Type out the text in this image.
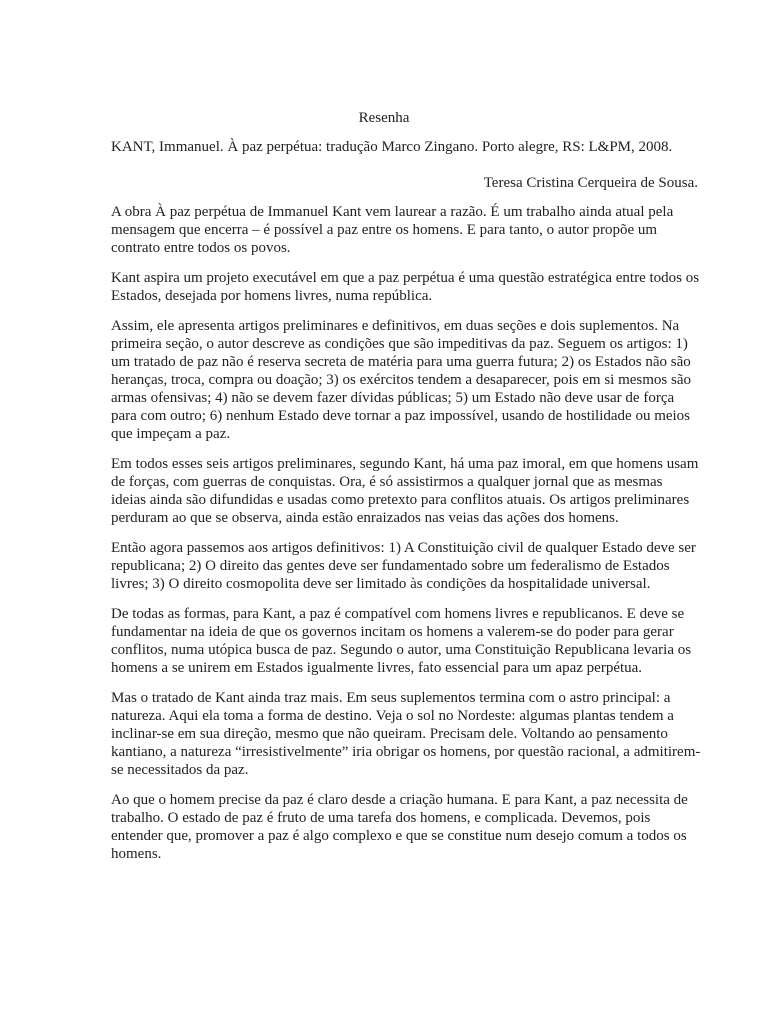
Resenha

KANT, Immanuel. À paz perpétua: tradução Marco Zingano. Porto alegre, RS: L&PM, 2008.

Teresa Cristina Cerqueira de Sousa.

A obra À paz perpétua de Immanuel Kant vem laurear a razão. É um trabalho ainda atual pela mensagem que encerra – é possível a paz entre os homens. E para tanto, o autor propõe um contrato entre todos os povos.

Kant aspira um projeto executável em que a paz perpétua é uma questão estratégica entre todos os Estados, desejada por homens livres, numa república.

Assim, ele apresenta artigos preliminares e definitivos, em duas seções e dois suplementos. Na primeira seção, o autor descreve as condições que são impeditivas da paz. Seguem os artigos: 1) um tratado de paz não é reserva secreta de matéria para uma guerra futura; 2) os Estados não são heranças, troca, compra ou doação; 3) os exércitos tendem a desaparecer, pois em si mesmos são armas ofensivas; 4) não se devem fazer dívidas públicas; 5) um Estado não deve usar de força para com outro; 6) nenhum Estado deve tornar a paz impossível, usando de hostilidade ou meios que impeçam a paz.

Em todos esses seis artigos preliminares, segundo Kant, há uma paz imoral, em que homens usam de forças, com guerras de conquistas. Ora, é só assistirmos a qualquer jornal que as mesmas ideias ainda são difundidas e usadas como pretexto para conflitos atuais. Os artigos preliminares perduram ao que se observa, ainda estão enraizados nas veias das ações dos homens.

Então agora passemos aos artigos definitivos: 1) A Constituição civil de qualquer Estado deve ser republicana; 2) O direito das gentes deve ser fundamentado sobre um federalismo de Estados livres; 3) O direito cosmopolita deve ser limitado às condições da hospitalidade universal.

De todas as formas, para Kant, a paz é compatível com homens livres e republicanos. E deve se fundamentar na ideia de que os governos incitam os homens a valerem-se do poder para gerar conflitos, numa utópica busca de paz. Segundo o autor, uma Constituição Republicana levaria os homens a se unirem em Estados igualmente livres, fato essencial para um apaz perpétua.

Mas o tratado de Kant ainda traz mais. Em seus suplementos termina com o astro principal: a natureza. Aqui ela toma a forma de destino. Veja o sol no Nordeste: algumas plantas tendem a inclinar-se em sua direção, mesmo que não queiram. Precisam dele. Voltando ao pensamento kantiano, a natureza “irresistivelmente” iria obrigar os homens, por questão racional, a admitirem-se necessitados da paz.

Ao que o homem precise da paz é claro desde a criação humana. E para Kant, a paz necessita de trabalho. O estado de paz é fruto de uma tarefa dos homens, e complicada. Devemos, pois entender que, promover a paz é algo complexo e que se constitue num desejo comum a todos os homens.
